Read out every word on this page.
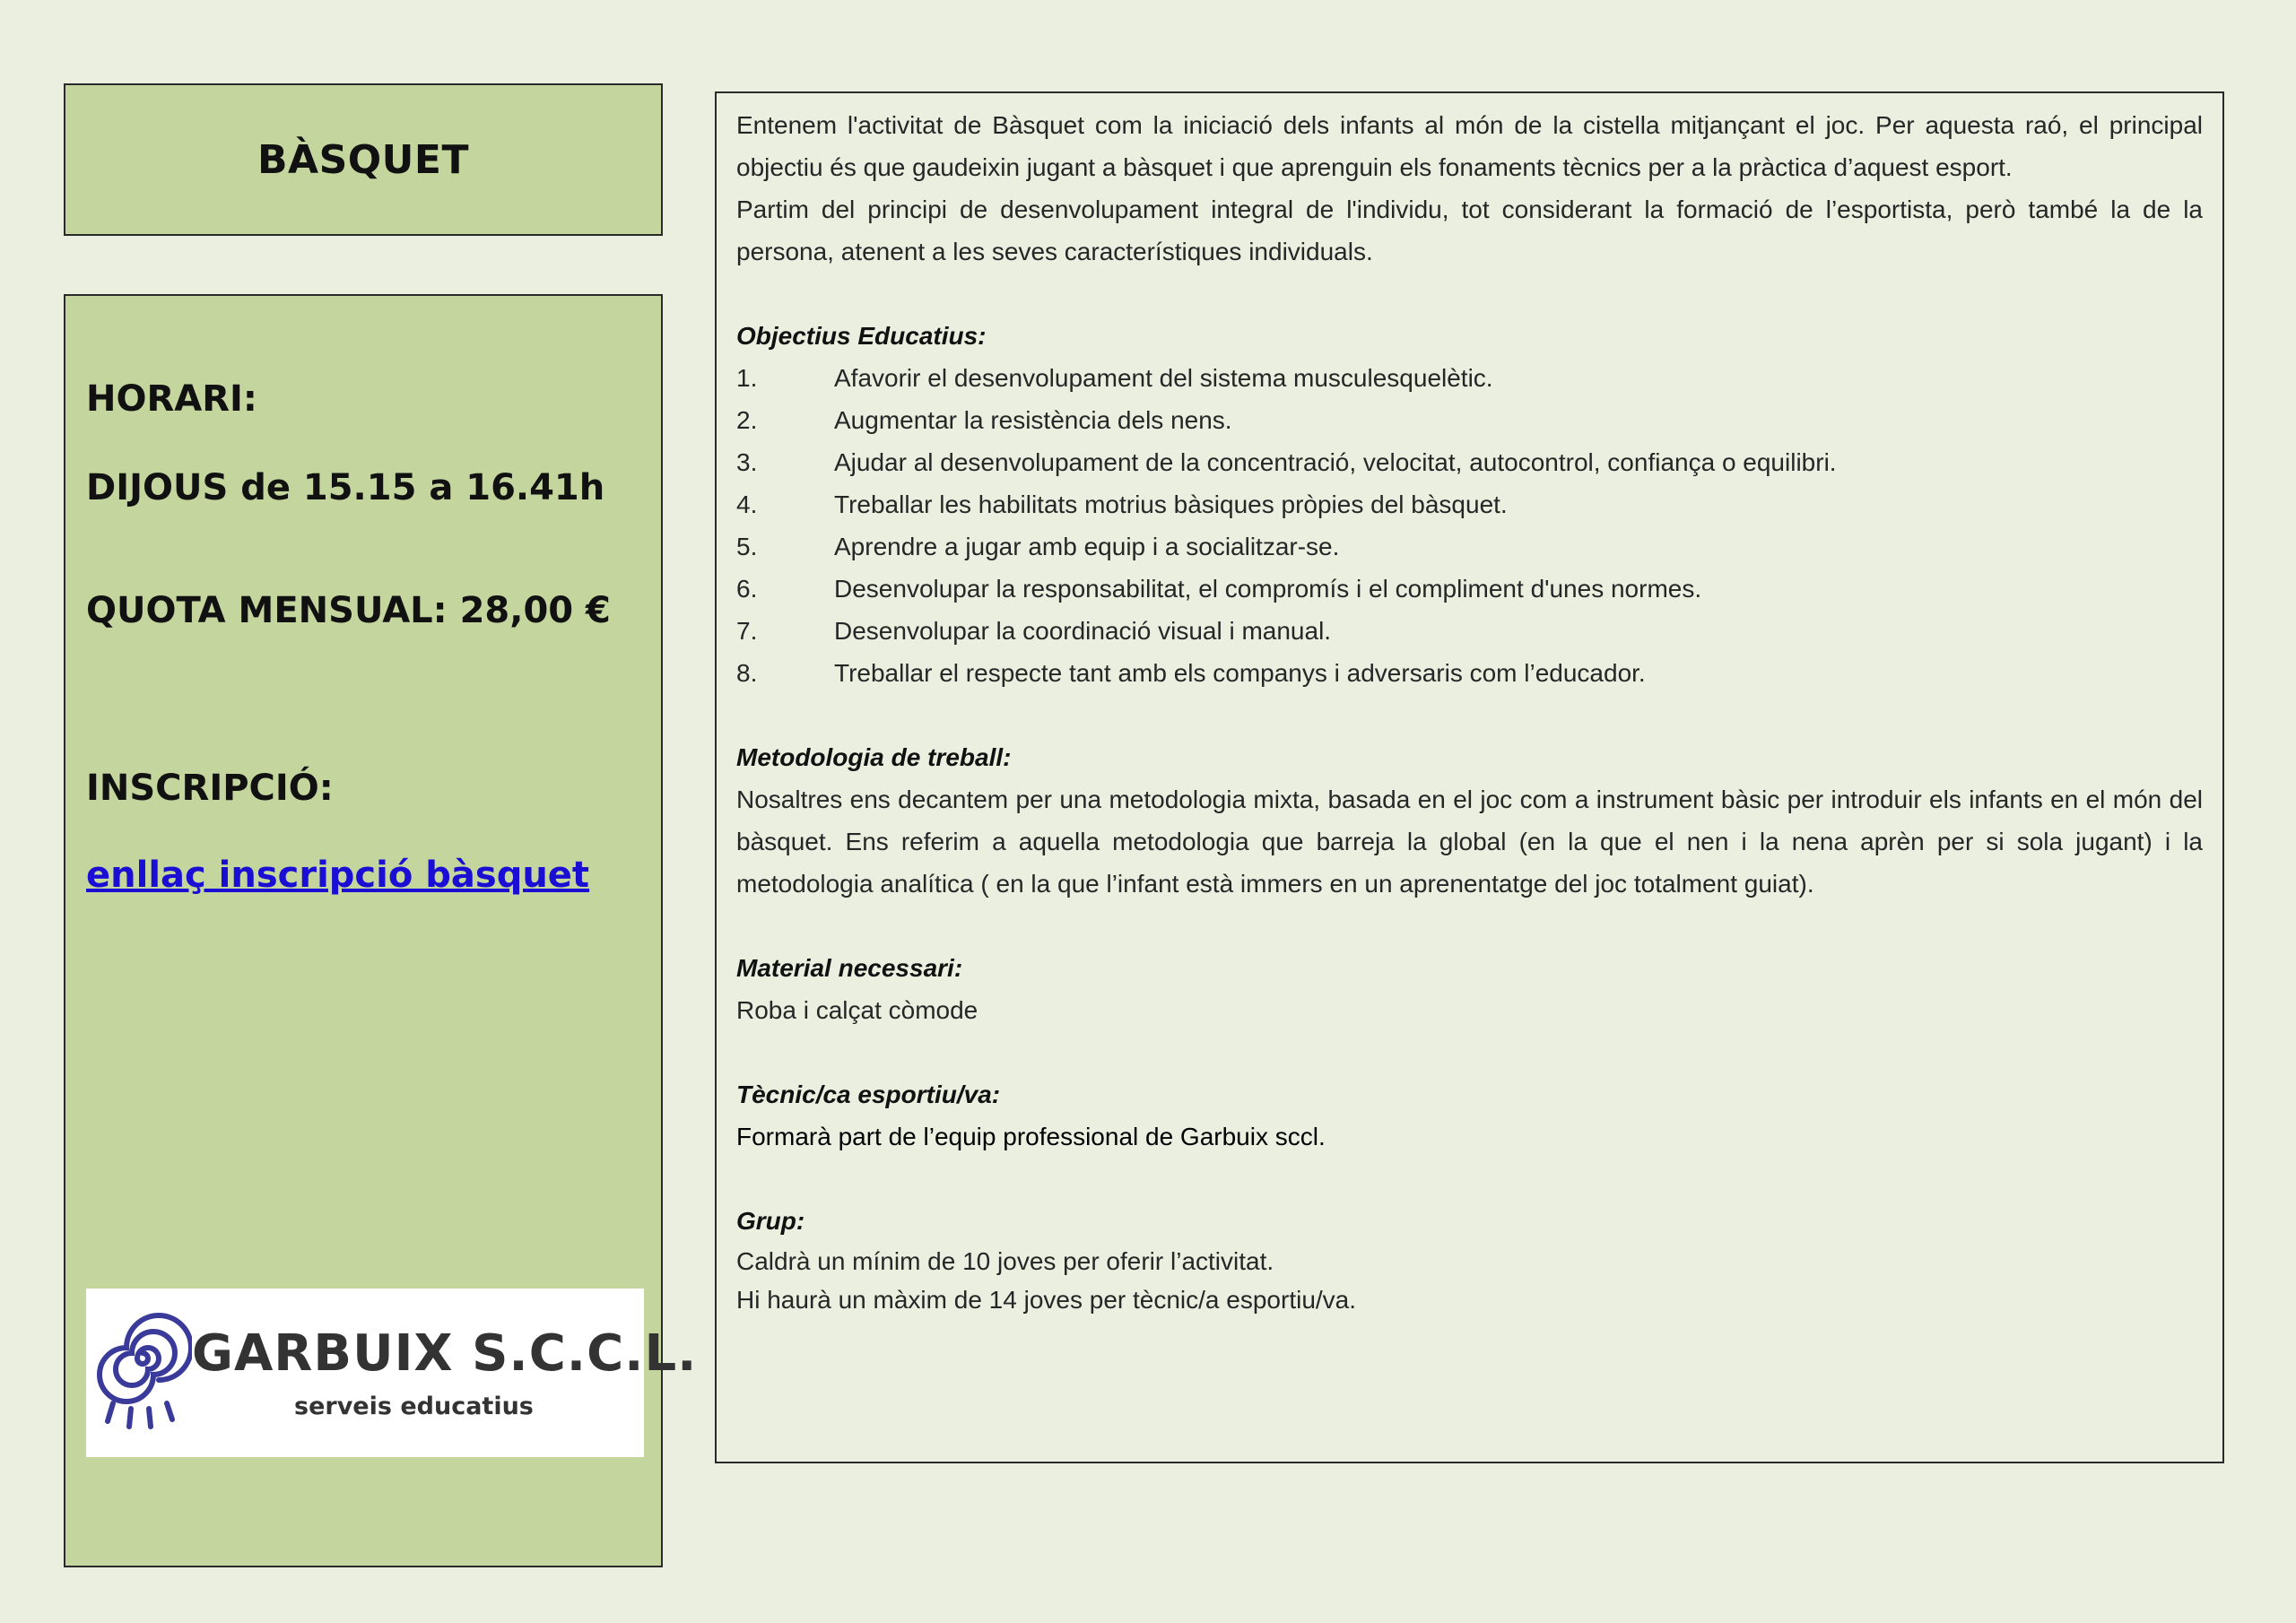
BÀSQUET

HORARI:

DIJOUS de 15.15 a 16.41h

QUOTA MENSUAL: 28,00 €

INSCRIPCIÓ:

enllaç inscripció bàsquet
GARBUIX S.C.C.L.
serveis educatius

Entenem l'activitat de Bàsquet com la iniciació dels infants al món de la cistella mitjançant el joc. Per aquesta raó, el principal objectiu és que gaudeixin jugant a bàsquet i que aprenguin els fonaments tècnics per a la pràctica d’aquest esport.

Partim del principi de desenvolupament integral de l'individu, tot considerant la formació de l’esportista, però també la de la persona, atenent a les seves característiques individuals.

Objectius Educatius:

1.	Afavorir el desenvolupament del sistema musculesquelètic.
2.	Augmentar la resistència dels nens.
3.	Ajudar al desenvolupament de la concentració, velocitat, autocontrol, confiança o equilibri.
4.	Treballar les habilitats motrius bàsiques pròpies del bàsquet.
5.	Aprendre a jugar amb equip i a socialitzar-se.
6.	Desenvolupar la responsabilitat, el compromís i el compliment d'unes normes.
7.	Desenvolupar la coordinació visual i manual.
8.	Treballar el respecte tant amb els companys i adversaris com l’educador.

Metodologia de treball:

Nosaltres ens decantem per una metodologia mixta, basada en el joc com a instrument bàsic per introduir els infants en el món del bàsquet. Ens referim a aquella metodologia que barreja la global (en la que el nen i la nena aprèn per si sola jugant) i la metodologia analítica ( en la que l’infant està immers en un aprenentatge del joc totalment guiat).

Material necessari:

Roba i calçat còmode

Tècnic/ca esportiu/va:

Formarà part de l’equip professional de Garbuix sccl.

Grup:

Caldrà un mínim de 10 joves per oferir l’activitat.

Hi haurà un màxim de 14 joves per tècnic/a esportiu/va.
